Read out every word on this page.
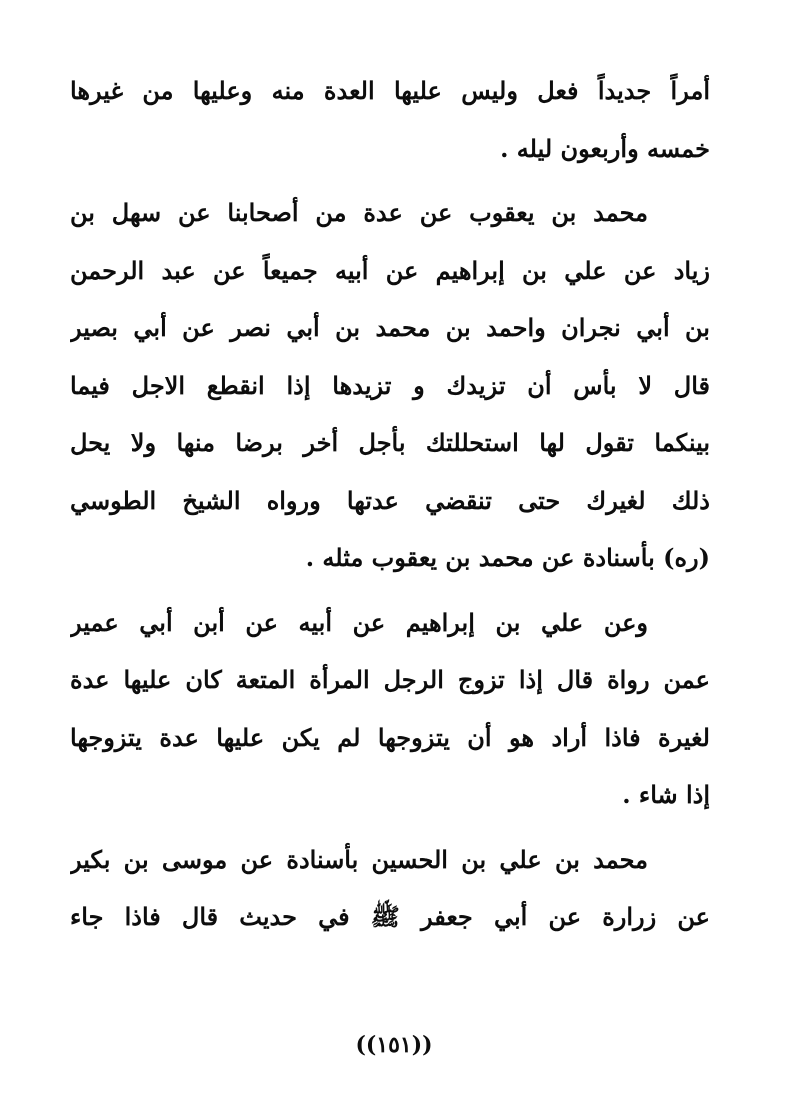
أمراً جديداً فعل وليس عليها العدة منه وعليها من غيرها
خمسه وأربعون ليله .
محمد بن يعقوب عن عدة من أصحابنا عن سهل بن
زياد عن علي بن إبراهيم عن أبيه جميعاً عن عبد الرحمن
بن أبي نجران واحمد بن محمد بن أبي نصر عن أبي بصير
قال لا بأس أن تزيدك و تزيدها إذا انقطع الاجل فيما
بينكما تقول لها استحللتك بأجل أخر برضا منها ولا يحل
ذلك لغيرك حتى تنقضي عدتها ورواه الشيخ الطوسي
(ره) بأسنادة عن محمد بن يعقوب مثله .
وعن علي بن إبراهيم عن أبيه عن أبن أبي عمير
عمن رواة قال إذا تزوج الرجل المرأة المتعة كان عليها عدة
لغيرة فاذا أراد هو أن يتزوجها لم يكن عليها عدة يتزوجها
إذا شاء .
محمد بن علي بن الحسين بأسنادة عن موسى بن بكير
عن زرارة عن أبي جعفر ﷺ في حديث قال فاذا جاء
((١٥١))
